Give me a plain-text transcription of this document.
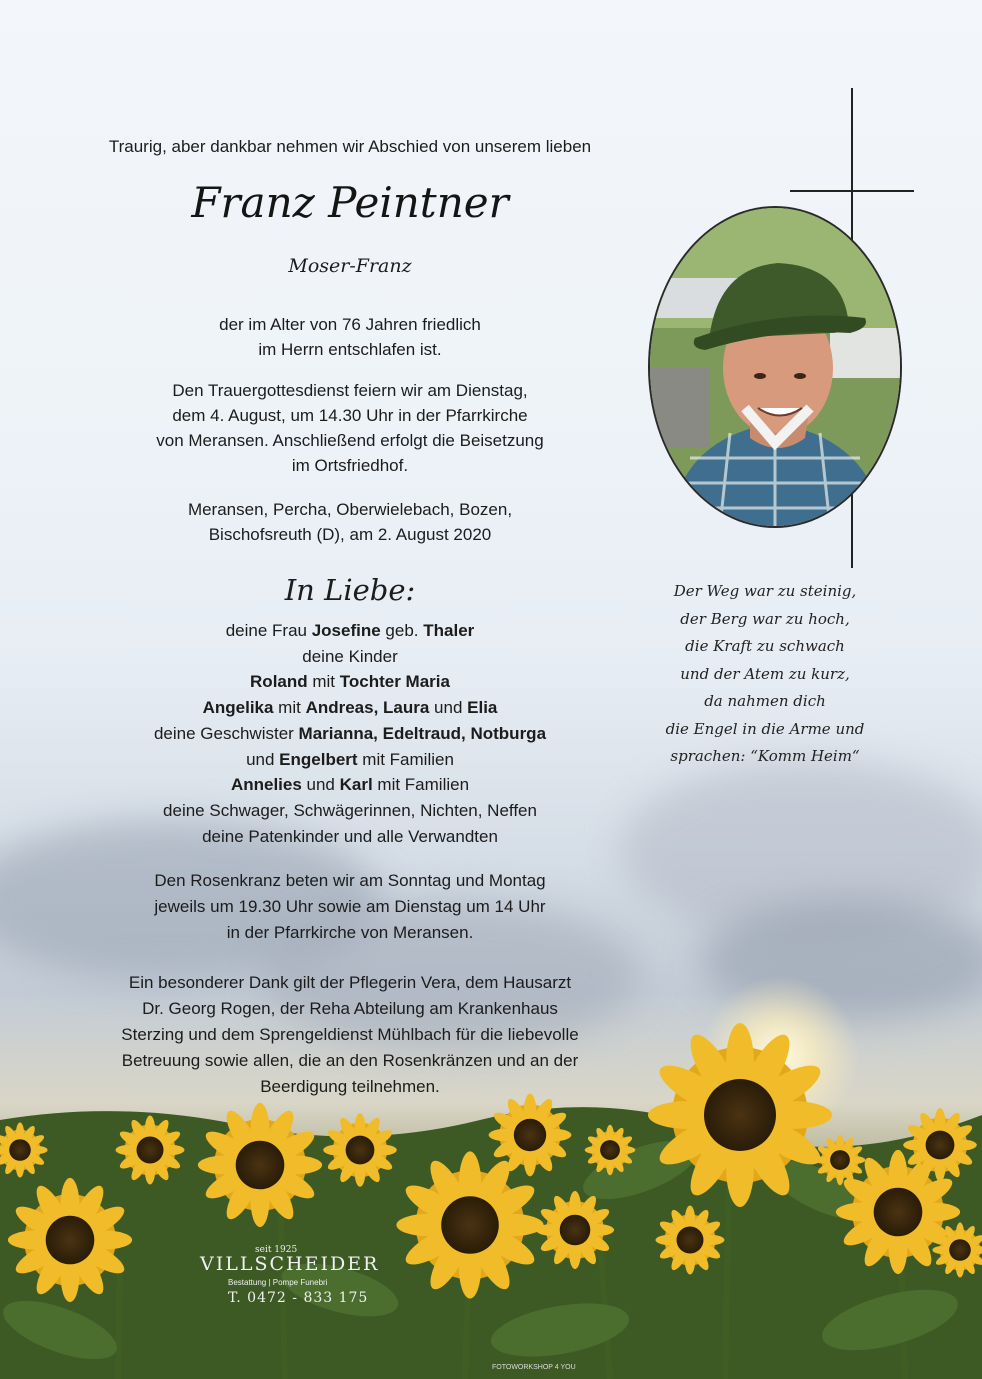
Traurig, aber dankbar nehmen wir Abschied von unserem lieben
Franz Peintner
Moser-Franz
der im Alter von 76 Jahren friedlich
im Herrn entschlafen ist.
Den Trauergottesdienst feiern wir am Dienstag,
dem 4. August, um 14.30 Uhr in der Pfarrkirche
von Meransen. Anschließend erfolgt die Beisetzung
im Ortsfriedhof.
Meransen, Percha, Oberwielebach, Bozen,
Bischofsreuth (D), am 2. August 2020
In Liebe:
deine Frau Josefine geb. Thaler
deine Kinder
Roland mit Tochter Maria
Angelika mit Andreas, Laura und Elia
deine Geschwister Marianna, Edeltraud, Notburga
und Engelbert mit Familien
Annelies und Karl mit Familien
deine Schwager, Schwägerinnen, Nichten, Neffen
deine Patenkinder und alle Verwandten
Den Rosenkranz beten wir am Sonntag und Montag
jeweils um 19.30 Uhr sowie am Dienstag um 14 Uhr
in der Pfarrkirche von Meransen.
Ein besonderer Dank gilt der Pflegerin Vera, dem Hausarzt
Dr. Georg Rogen, der Reha Abteilung am Krankenhaus
Sterzing und dem Sprengeldienst Mühlbach für die liebevolle
Betreuung sowie allen, die an den Rosenkränzen und an der
Beerdigung teilnehmen.
Der Weg war zu steinig,
der Berg war zu hoch,
die Kraft zu schwach
und der Atem zu kurz,
da nahmen dich
die Engel in die Arme und
sprachen: “Komm Heim“
seit 1925
VILLSCHEIDER
Bestattung | Pompe Funebri
T. 0472 - 833 175
FOTOWORKSHOP 4 YOU
